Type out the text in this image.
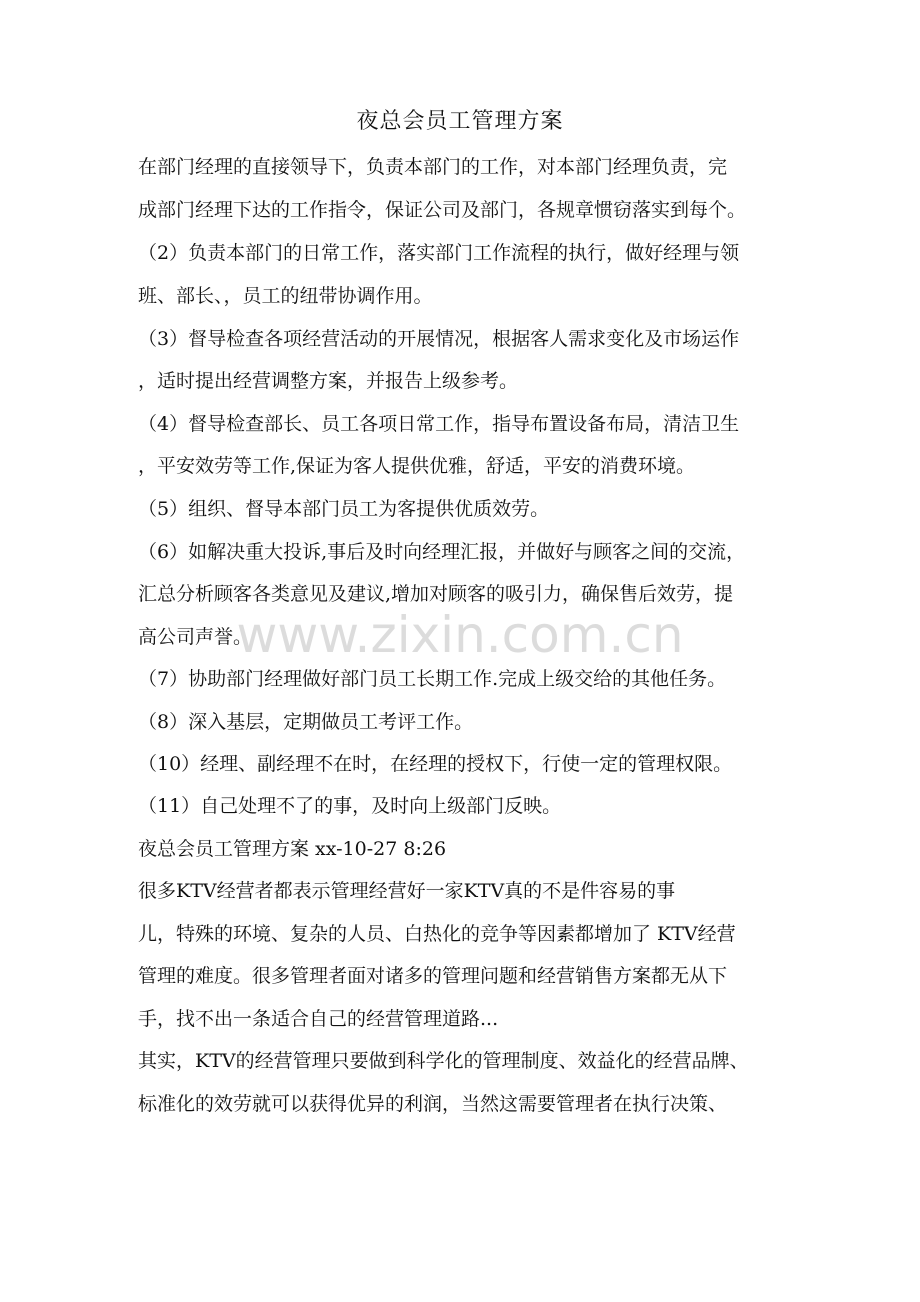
夜总会员工管理方案
在部门经理的直接领导下，负责本部门的工作，对本部门经理负责，完
成部门经理下达的工作指令，保证公司及部门，各规章惯窃落实到每个。
（2）负责本部门的日常工作，落实部门工作流程的执行，做好经理与领
班、部长、，员工的纽带协调作用。
（3）督导检查各项经营活动的开展情况，根据客人需求变化及市场运作
，适时提出经营调整方案，并报告上级参考。
（4）督导检查部长、员工各项日常工作，指导布置设备布局，清洁卫生
，平安效劳等工作,保证为客人提供优雅，舒适，平安的消费环境。
（5）组织、督导本部门员工为客提供优质效劳。
（6）如解决重大投诉,事后及时向经理汇报，并做好与顾客之间的交流，
汇总分析顾客各类意见及建议,增加对顾客的吸引力，确保售后效劳，提
高公司声誉。
（7）协助部门经理做好部门员工长期工作.完成上级交给的其他任务。
（8）深入基层，定期做员工考评工作。
（10）经理、副经理不在时，在经理的授权下，行使一定的管理权限。
（11）自己处理不了的事，及时向上级部门反映。
夜总会员工管理方案 xx-10-27 8:26
很多KTV经营者都表示管理经营好一家KTV真的不是件容易的事
儿，特殊的环境、复杂的人员、白热化的竞争等因素都增加了 KTV经营
管理的难度。很多管理者面对诸多的管理问题和经营销售方案都无从下
手，找不出一条适合自己的经营管理道路...
其实，KTV的经营管理只要做到科学化的管理制度、效益化的经营品牌、
标准化的效劳就可以获得优异的利润，当然这需要管理者在执行决策、
www.zixin.com.cn
